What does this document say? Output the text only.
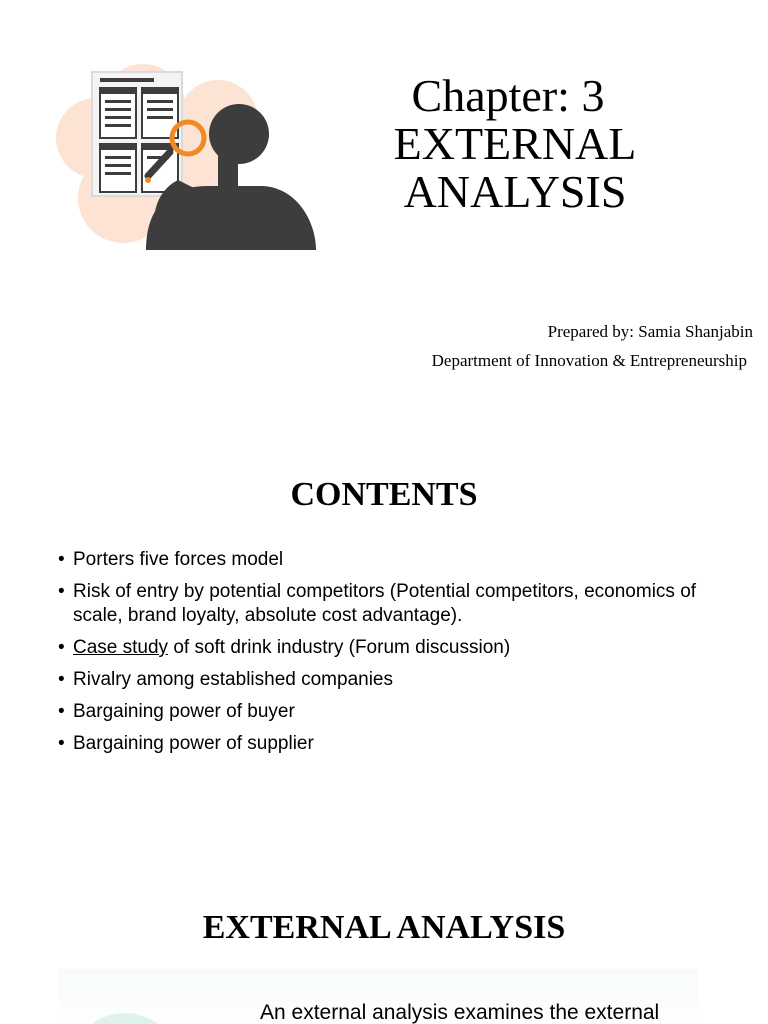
Chapter: 3
EXTERNAL
ANALYSIS
Prepared by: Samia Shanjabin
Department of Innovation & Entrepreneurship
CONTENTS
• Porters five forces model
• Risk of entry by potential competitors (Potential competitors, economics of scale, brand loyalty, absolute cost advantage).
• Case study of soft drink industry (Forum discussion)
• Rivalry among established companies
• Bargaining power of buyer
• Bargaining power of supplier
EXTERNAL ANALYSIS
An external analysis examines the external
